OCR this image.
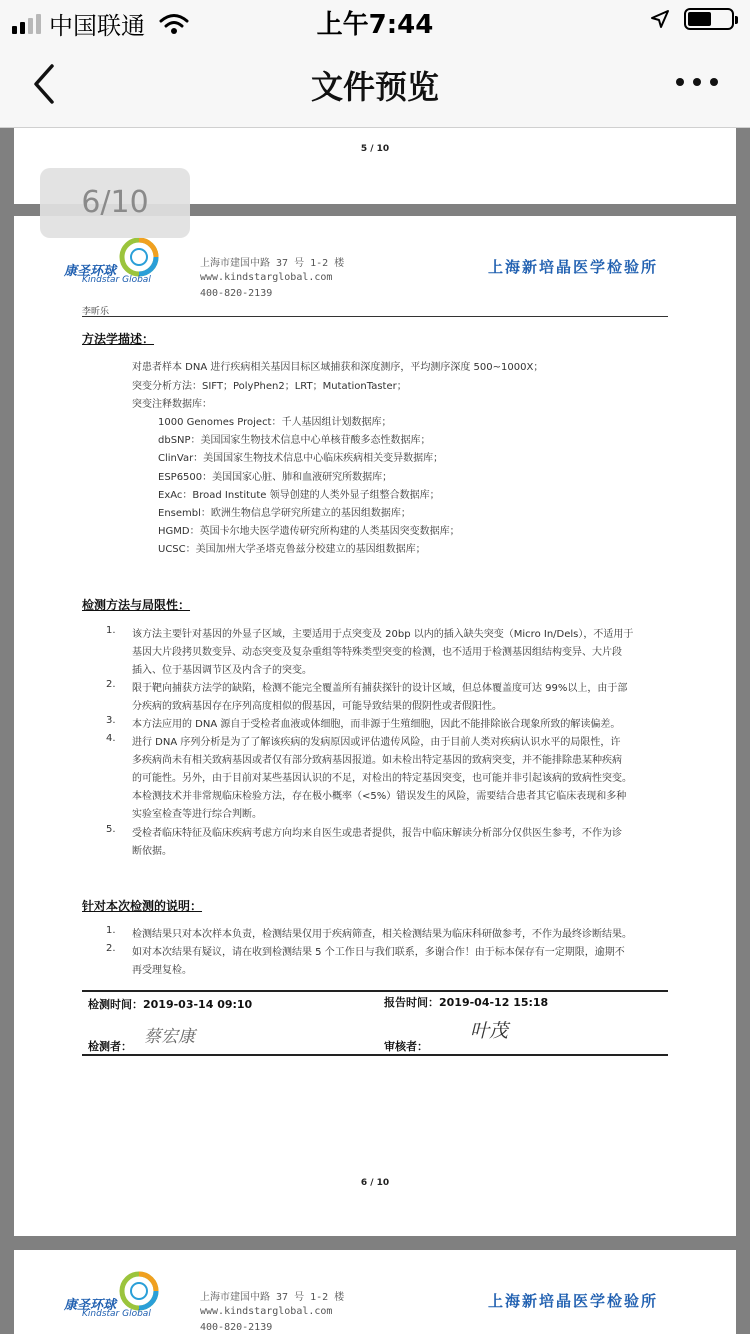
中国联通	上午7:44
文件预览
5 / 10
康圣环球
Kindstar Global
上海市建国中路 37 号 1-2 楼
www.kindstarglobal.com
400-820-2139
上海新培晶医学检验所
李昕乐
方法学描述：
对患者样本 DNA 进行疾病相关基因目标区域捕获和深度测序，平均测序深度 500~1000X；
突变分析方法：SIFT；PolyPhen2；LRT；MutationTaster；
突变注释数据库：
1000 Genomes Project：千人基因组计划数据库；
dbSNP：美国国家生物技术信息中心单核苷酸多态性数据库；
ClinVar：美国国家生物技术信息中心临床疾病相关变异数据库；
ESP6500：美国国家心脏、肺和血液研究所数据库；
ExAc：Broad Institute 领导创建的人类外显子组整合数据库；
Ensembl：欧洲生物信息学研究所建立的基因组数据库；
HGMD：英国卡尔地夫医学遗传研究所构建的人类基因突变数据库；
UCSC：美国加州大学圣塔克鲁兹分校建立的基因组数据库；
检测方法与局限性：
1. 该方法主要针对基因的外显子区域，主要适用于点突变及 20bp 以内的插入缺失突变（Micro In/Dels），不适用于
基因大片段拷贝数变异、动态突变及复杂重组等特殊类型突变的检测，也不适用于检测基因组结构变异、大片段
插入、位于基因调节区及内含子的突变。
2. 限于靶向捕获方法学的缺陷，检测不能完全覆盖所有捕获探针的设计区域，但总体覆盖度可达 99%以上，由于部
分疾病的致病基因存在序列高度相似的假基因，可能导致结果的假阴性或者假阳性。
3. 本方法应用的 DNA 源自于受检者血液或体细胞，而非源于生殖细胞，因此不能排除嵌合现象所致的解读偏差。
4. 进行 DNA 序列分析是为了了解该疾病的发病原因或评估遗传风险，由于目前人类对疾病认识水平的局限性，许
多疾病尚未有相关致病基因或者仅有部分致病基因报道。如未检出特定基因的致病突变，并不能排除患某种疾病
的可能性。另外，由于目前对某些基因认识的不足，对检出的特定基因突变，也可能并非引起该病的致病性突变。
本检测技术并非常规临床检验方法，存在极小概率（<5%）错误发生的风险，需要结合患者其它临床表现和多种
实验室检查等进行综合判断。
5. 受检者临床特征及临床疾病考虑方向均来自医生或患者提供，报告中临床解读分析部分仅供医生参考，不作为诊
断依据。
针对本次检测的说明：
1. 检测结果只对本次样本负责，检测结果仅用于疾病筛查，相关检测结果为临床科研做参考，不作为最终诊断结果。
2. 如对本次结果有疑议，请在收到检测结果 5 个工作日与我们联系，多谢合作！由于标本保存有一定期限，逾期不
再受理复检。
检测时间：2019-03-14 09:10	报告时间：2019-04-12 15:18
检测者： 蔡宏康	审核者：
叶茂
6 / 10
6/10
康圣环球
Kindstar Global
上海市建国中路 37 号 1-2 楼
www.kindstarglobal.com
400-820-2139
上海新培晶医学检验所
